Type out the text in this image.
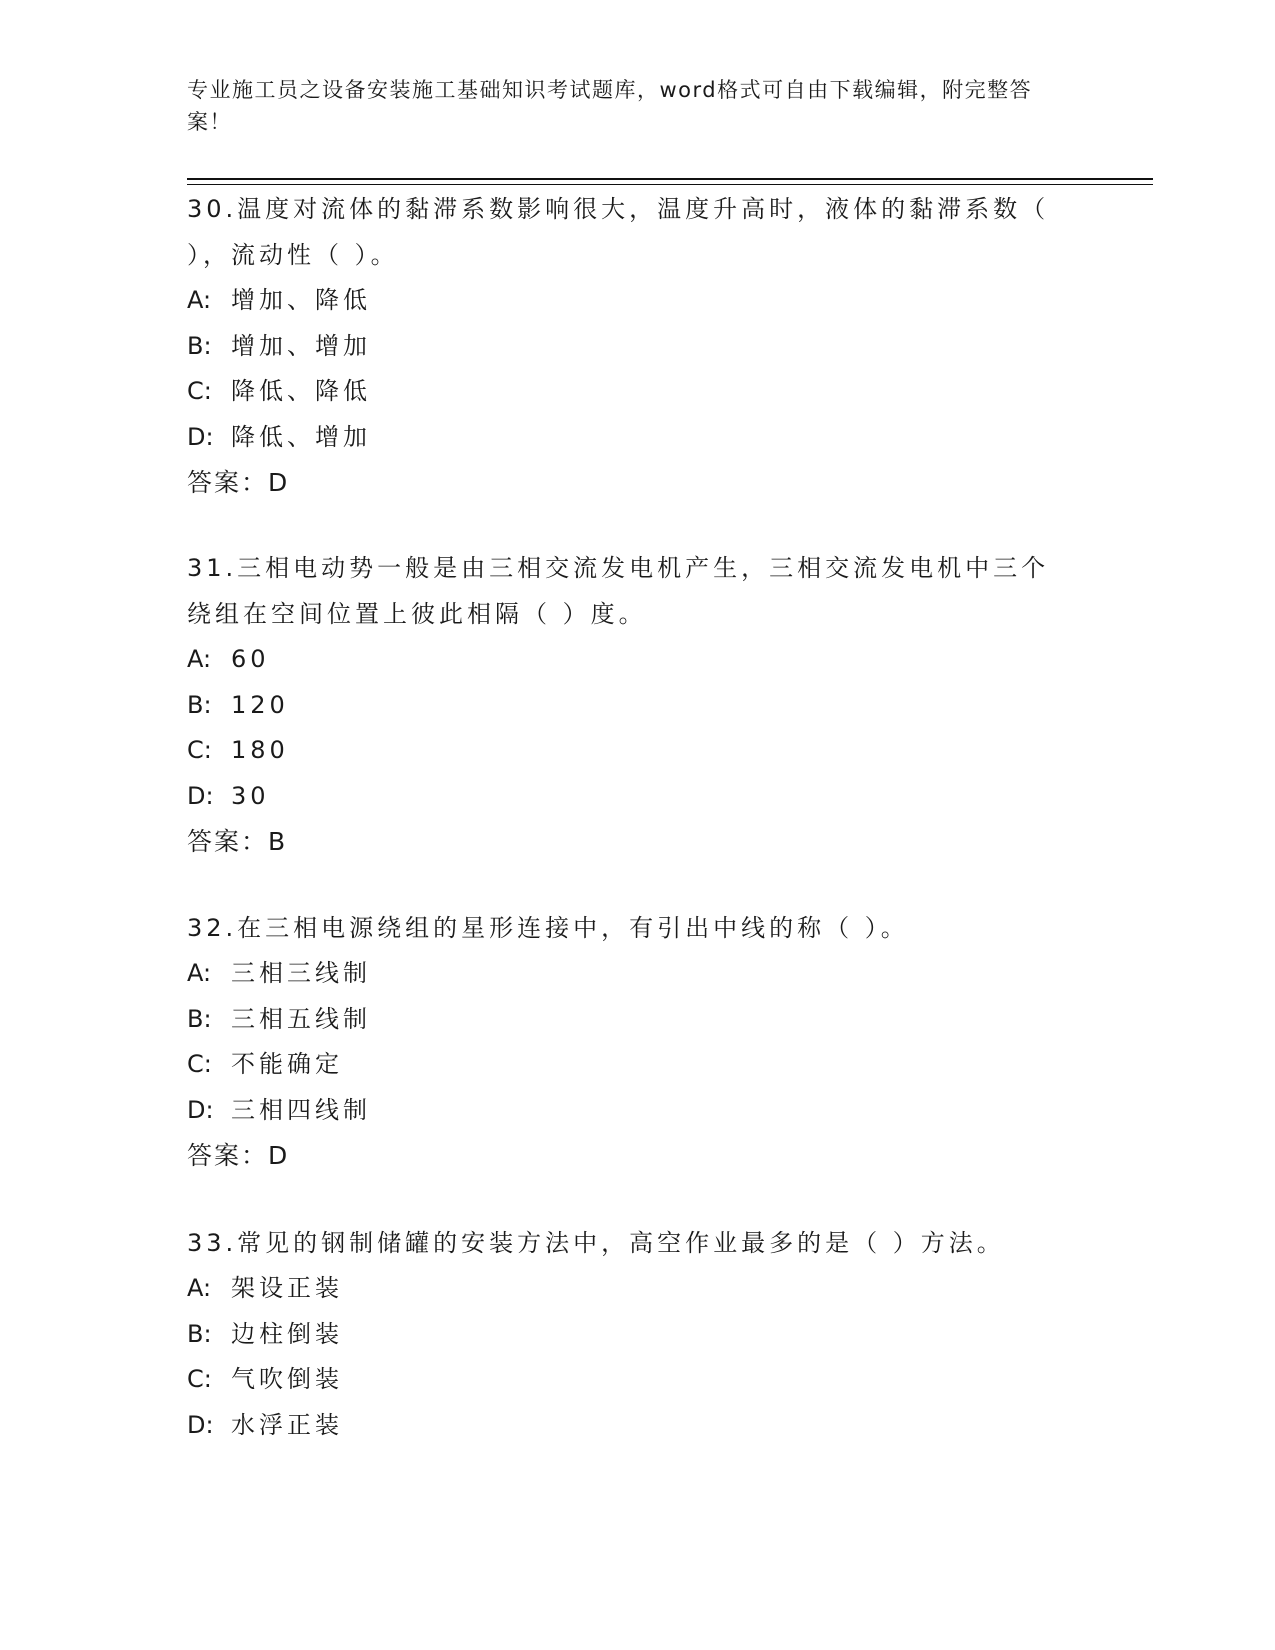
专业施工员之设备安装施工基础知识考试题库，word格式可自由下载编辑，附完整答案！
30.温度对流体的黏滞系数影响很大，温度升高时，液体的黏滞系数（ ），流动性（ ）。
A: 增加、降低
B: 增加、增加
C: 降低、降低
D: 降低、增加
答案：D
31.三相电动势一般是由三相交流发电机产生，三相交流发电机中三个绕组在空间位置上彼此相隔（ ）度。
A: 60
B: 120
C: 180
D: 30
答案：B
32.在三相电源绕组的星形连接中，有引出中线的称（ ）。
A: 三相三线制
B: 三相五线制
C: 不能确定
D: 三相四线制
答案：D
33.常见的钢制储罐的安装方法中，高空作业最多的是（ ）方法。
A: 架设正装
B: 边柱倒装
C: 气吹倒装
D: 水浮正装
